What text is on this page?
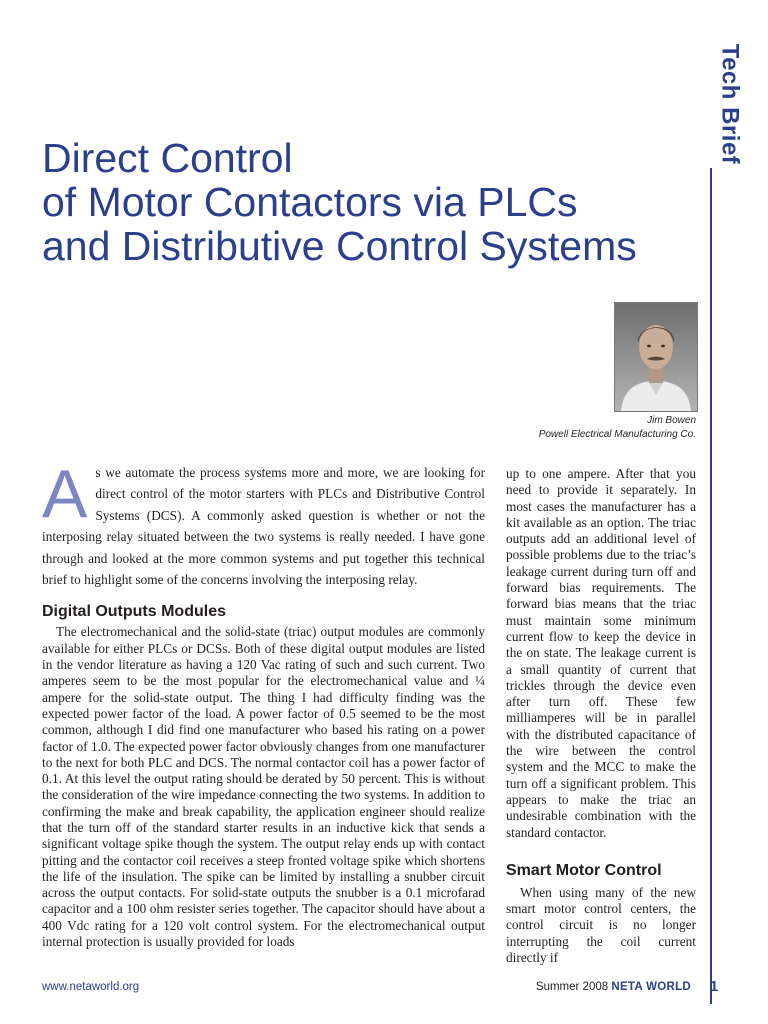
Tech Brief
Direct Control
of Motor Contactors via PLCs
and Distributive Control Systems
Jim Bowen
Powell Electrical Manufacturing Co.

A s we automate the process systems more and more, we are looking for direct control of the motor starters with PLCs and Distributive Control Systems (DCS). A commonly asked question is whether or not the interposing relay situated between the two systems is really needed. I have gone through and looked at the more common systems and put together this technical brief to highlight some of the concerns involving the interposing relay.

Digital Outputs Modules

The electromechanical and the solid-state (triac) output modules are commonly available for either PLCs or DCSs. Both of these digital output modules are listed in the vendor literature as having a 120 Vac rating of such and such current. Two amperes seem to be the most popular for the electromechanical value and ¼ ampere for the solid-state output. The thing I had difficulty finding was the expected power factor of the load. A power factor of 0.5 seemed to be the most common, although I did find one manufacturer who based his rating on a power factor of 1.0. The expected power factor obviously changes from one manufacturer to the next for both PLC and DCS. The normal contactor coil has a power factor of 0.1. At this level the output rating should be derated by 50 percent. This is without the consideration of the wire impedance connecting the two systems. In addition to confirming the make and break capability, the application engineer should realize that the turn off of the standard starter results in an inductive kick that sends a significant voltage spike though the system. The output relay ends up with contact pitting and the contactor coil receives a steep fronted voltage spike which shortens the life of the insulation. The spike can be limited by installing a snubber circuit across the output contacts. For solid-state outputs the snubber is a 0.1 microfarad capacitor and a 100 ohm resister series together. The capacitor should have about a 400 Vdc rating for a 120 volt control system. For the electromechanical output internal protection is usually provided for loads

up to one ampere. After that you need to provide it separately. In most cases the manufacturer has a kit available as an option. The triac outputs add an additional level of possible problems due to the triac’s leakage current during turn off and forward bias requirements. The forward bias means that the triac must maintain some minimum current flow to keep the device in the on state. The leakage current is a small quantity of current that trickles through the device even after turn off. These few milliamperes will be in parallel with the distributed capacitance of the wire between the control system and the MCC to make the turn off a significant problem. This appears to make the triac an undesirable combination with the standard contactor.

Smart Motor Control

When using many of the new smart motor control centers, the control circuit is no longer interrupting the coil current directly if

www.netaworld.org	Summer 2008 NETA WORLD	1
